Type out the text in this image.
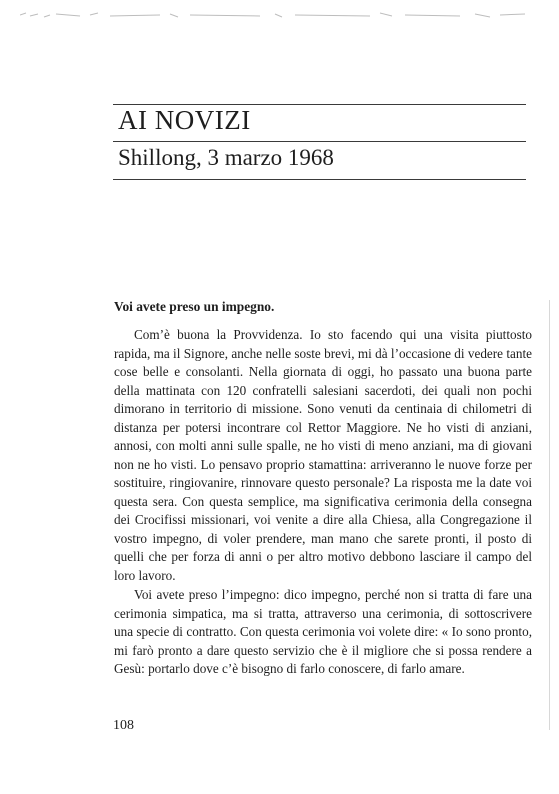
AI NOVIZI
Shillong, 3 marzo 1968
Voi avete preso un impegno.

Com’è buona la Provvidenza. Io sto facendo qui una visita piuttosto rapida, ma il Signore, anche nelle soste brevi, mi dà l’occasione di vedere tante cose belle e consolanti. Nella giornata di oggi, ho passato una buona parte della mattinata con 120 confratelli salesiani sacerdoti, dei quali non pochi dimorano in territorio di missione. Sono venuti da centinaia di chilometri di distanza per potersi incontrare col Rettor Maggiore. Ne ho visti di anziani, annosi, con molti anni sulle spalle, ne ho visti di meno anziani, ma di giovani non ne ho visti. Lo pensavo proprio stamattina: arriveranno le nuove forze per sostituire, ringiovanire, rinnovare questo personale? La risposta me la date voi questa sera. Con questa semplice, ma significativa cerimonia della consegna dei Crocifissi missionari, voi venite a dire alla Chiesa, alla Congregazione il vostro impegno, di voler prendere, man mano che sarete pronti, il posto di quelli che per forza di anni o per altro motivo debbono lasciare il campo del loro lavoro.

Voi avete preso l’impegno: dico impegno, perché non si tratta di fare una cerimonia simpatica, ma si tratta, attraverso una cerimonia, di sottoscrivere una specie di contratto. Con questa cerimonia voi volete dire: « Io sono pronto, mi farò pronto a dare questo servizio che è il migliore che si possa rendere a Gesù: portarlo dove c’è bisogno di farlo conoscere, di farlo amare.

108
